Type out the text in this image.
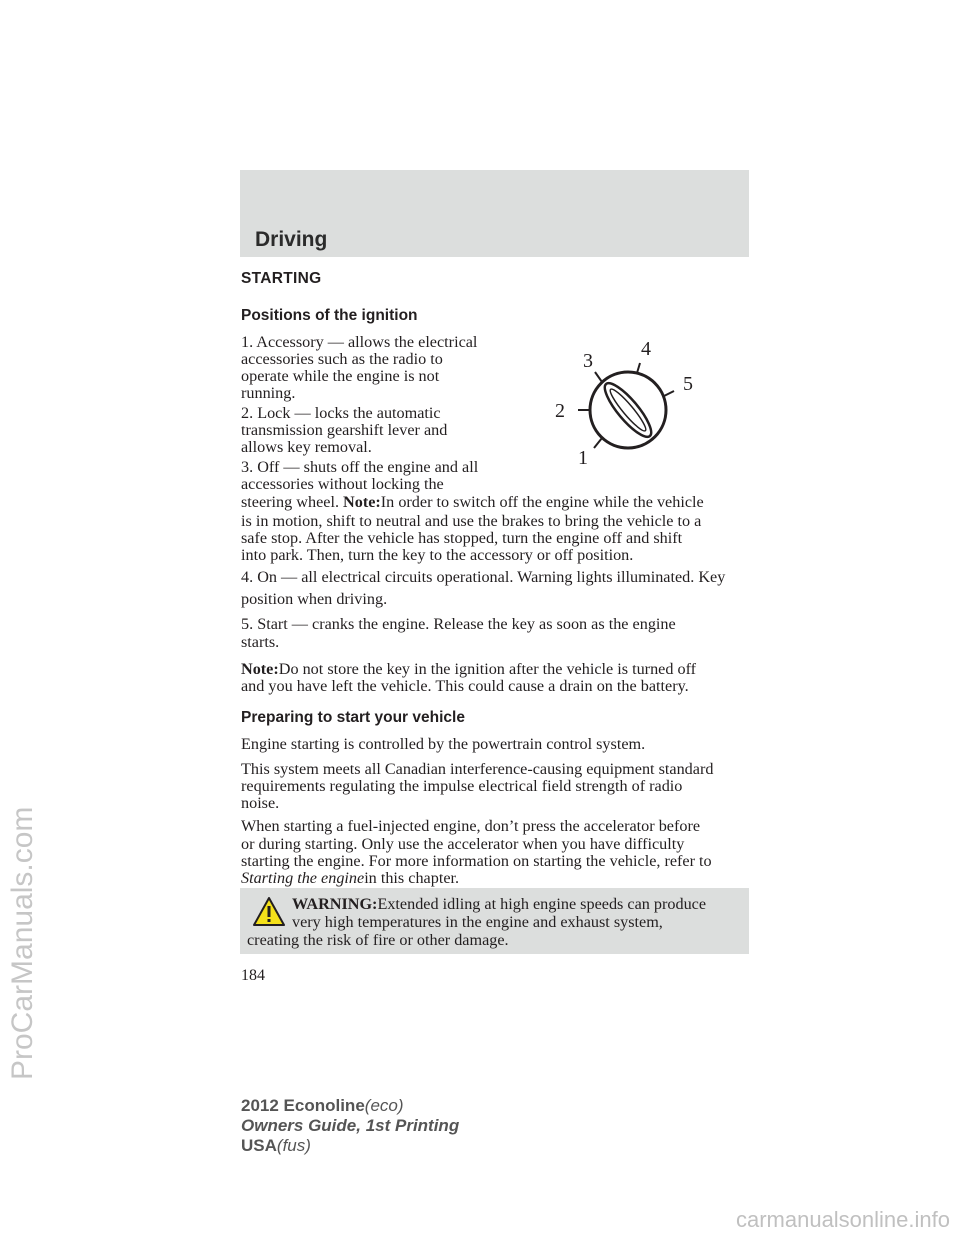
Driving
STARTING
Positions of the ignition
1. Accessory — allows the electrical
accessories such as the radio to
operate while the engine is not
running.
2. Lock — locks the automatic
transmission gearshift lever and
allows key removal.
3. Off — shuts off the engine and all
accessories without locking the
steering wheel. Note:In order to switch off the engine while the vehicle
is in motion, shift to neutral and use the brakes to bring the vehicle to a
safe stop. After the vehicle has stopped, turn the engine off and shift
into park. Then, turn the key to the accessory or off position.
4. On — all electrical circuits operational. Warning lights illuminated. Key
position when driving.
5. Start — cranks the engine. Release the key as soon as the engine
starts.
Note:Do not store the key in the ignition after the vehicle is turned off
and you have left the vehicle. This could cause a drain on the battery.
Preparing to start your vehicle
Engine starting is controlled by the powertrain control system.
This system meets all Canadian interference-causing equipment standard
requirements regulating the impulse electrical field strength of radio
noise.
When starting a fuel-injected engine, don’t press the accelerator before
or during starting. Only use the accelerator when you have difficulty
1
2
3
4
5
WARNING:Extended idling at high engine speeds can produce
very high temperatures in the engine and exhaust system,
creating the risk of fire or other damage.
184
2012 Econoline(eco)
Owners Guide, 1st Printing
USA(fus)
ProCarManuals.com
carmanualsonline.info
starting the engine. For more information on starting the vehicle, refer to
Starting the enginein this chapter.
